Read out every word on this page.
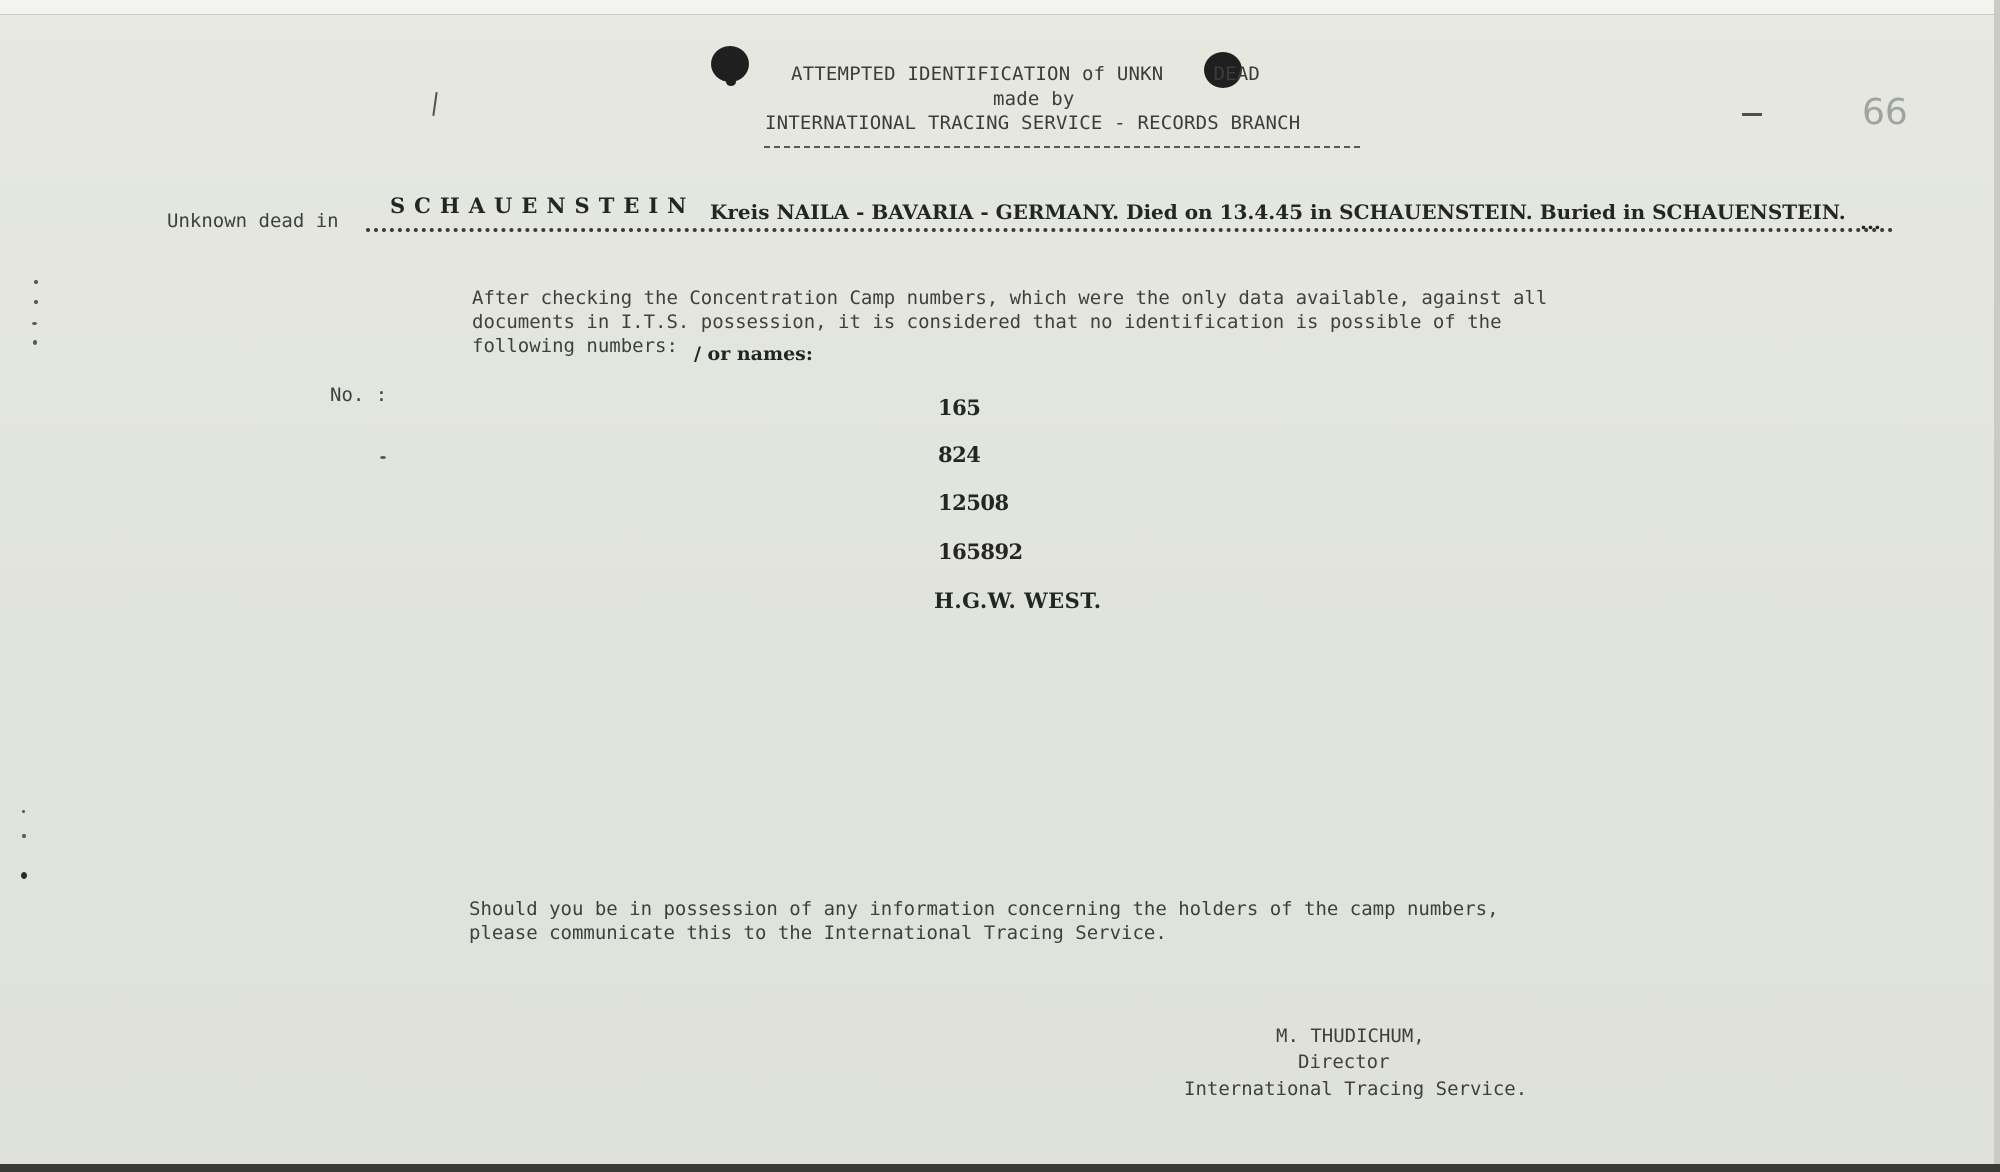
ATTEMPTED IDENTIFICATION of UNKN	DEAD
made by
INTERNATIONAL TRACING SERVICE - RECORDS BRANCH	66
Unknown dead in
SCHAUENSTEIN Kreis NAILA - BAVARIA - GERMANY. Died on 13.4.45 in SCHAUENSTEIN. Buried in SCHAUENSTEIN. ...
After checking the Concentration Camp numbers, which were the only data available, against all
documents in I.T.S. possession, it is considered that no identification is possible of the
following numbers: / or names:
No. :	165
824
12508
165892
H.G.W. WEST.
Should you be in possession of any information concerning the holders of the camp numbers,
please communicate this to the International Tracing Service.
M. THUDICHUM,
Director
International Tracing Service.
